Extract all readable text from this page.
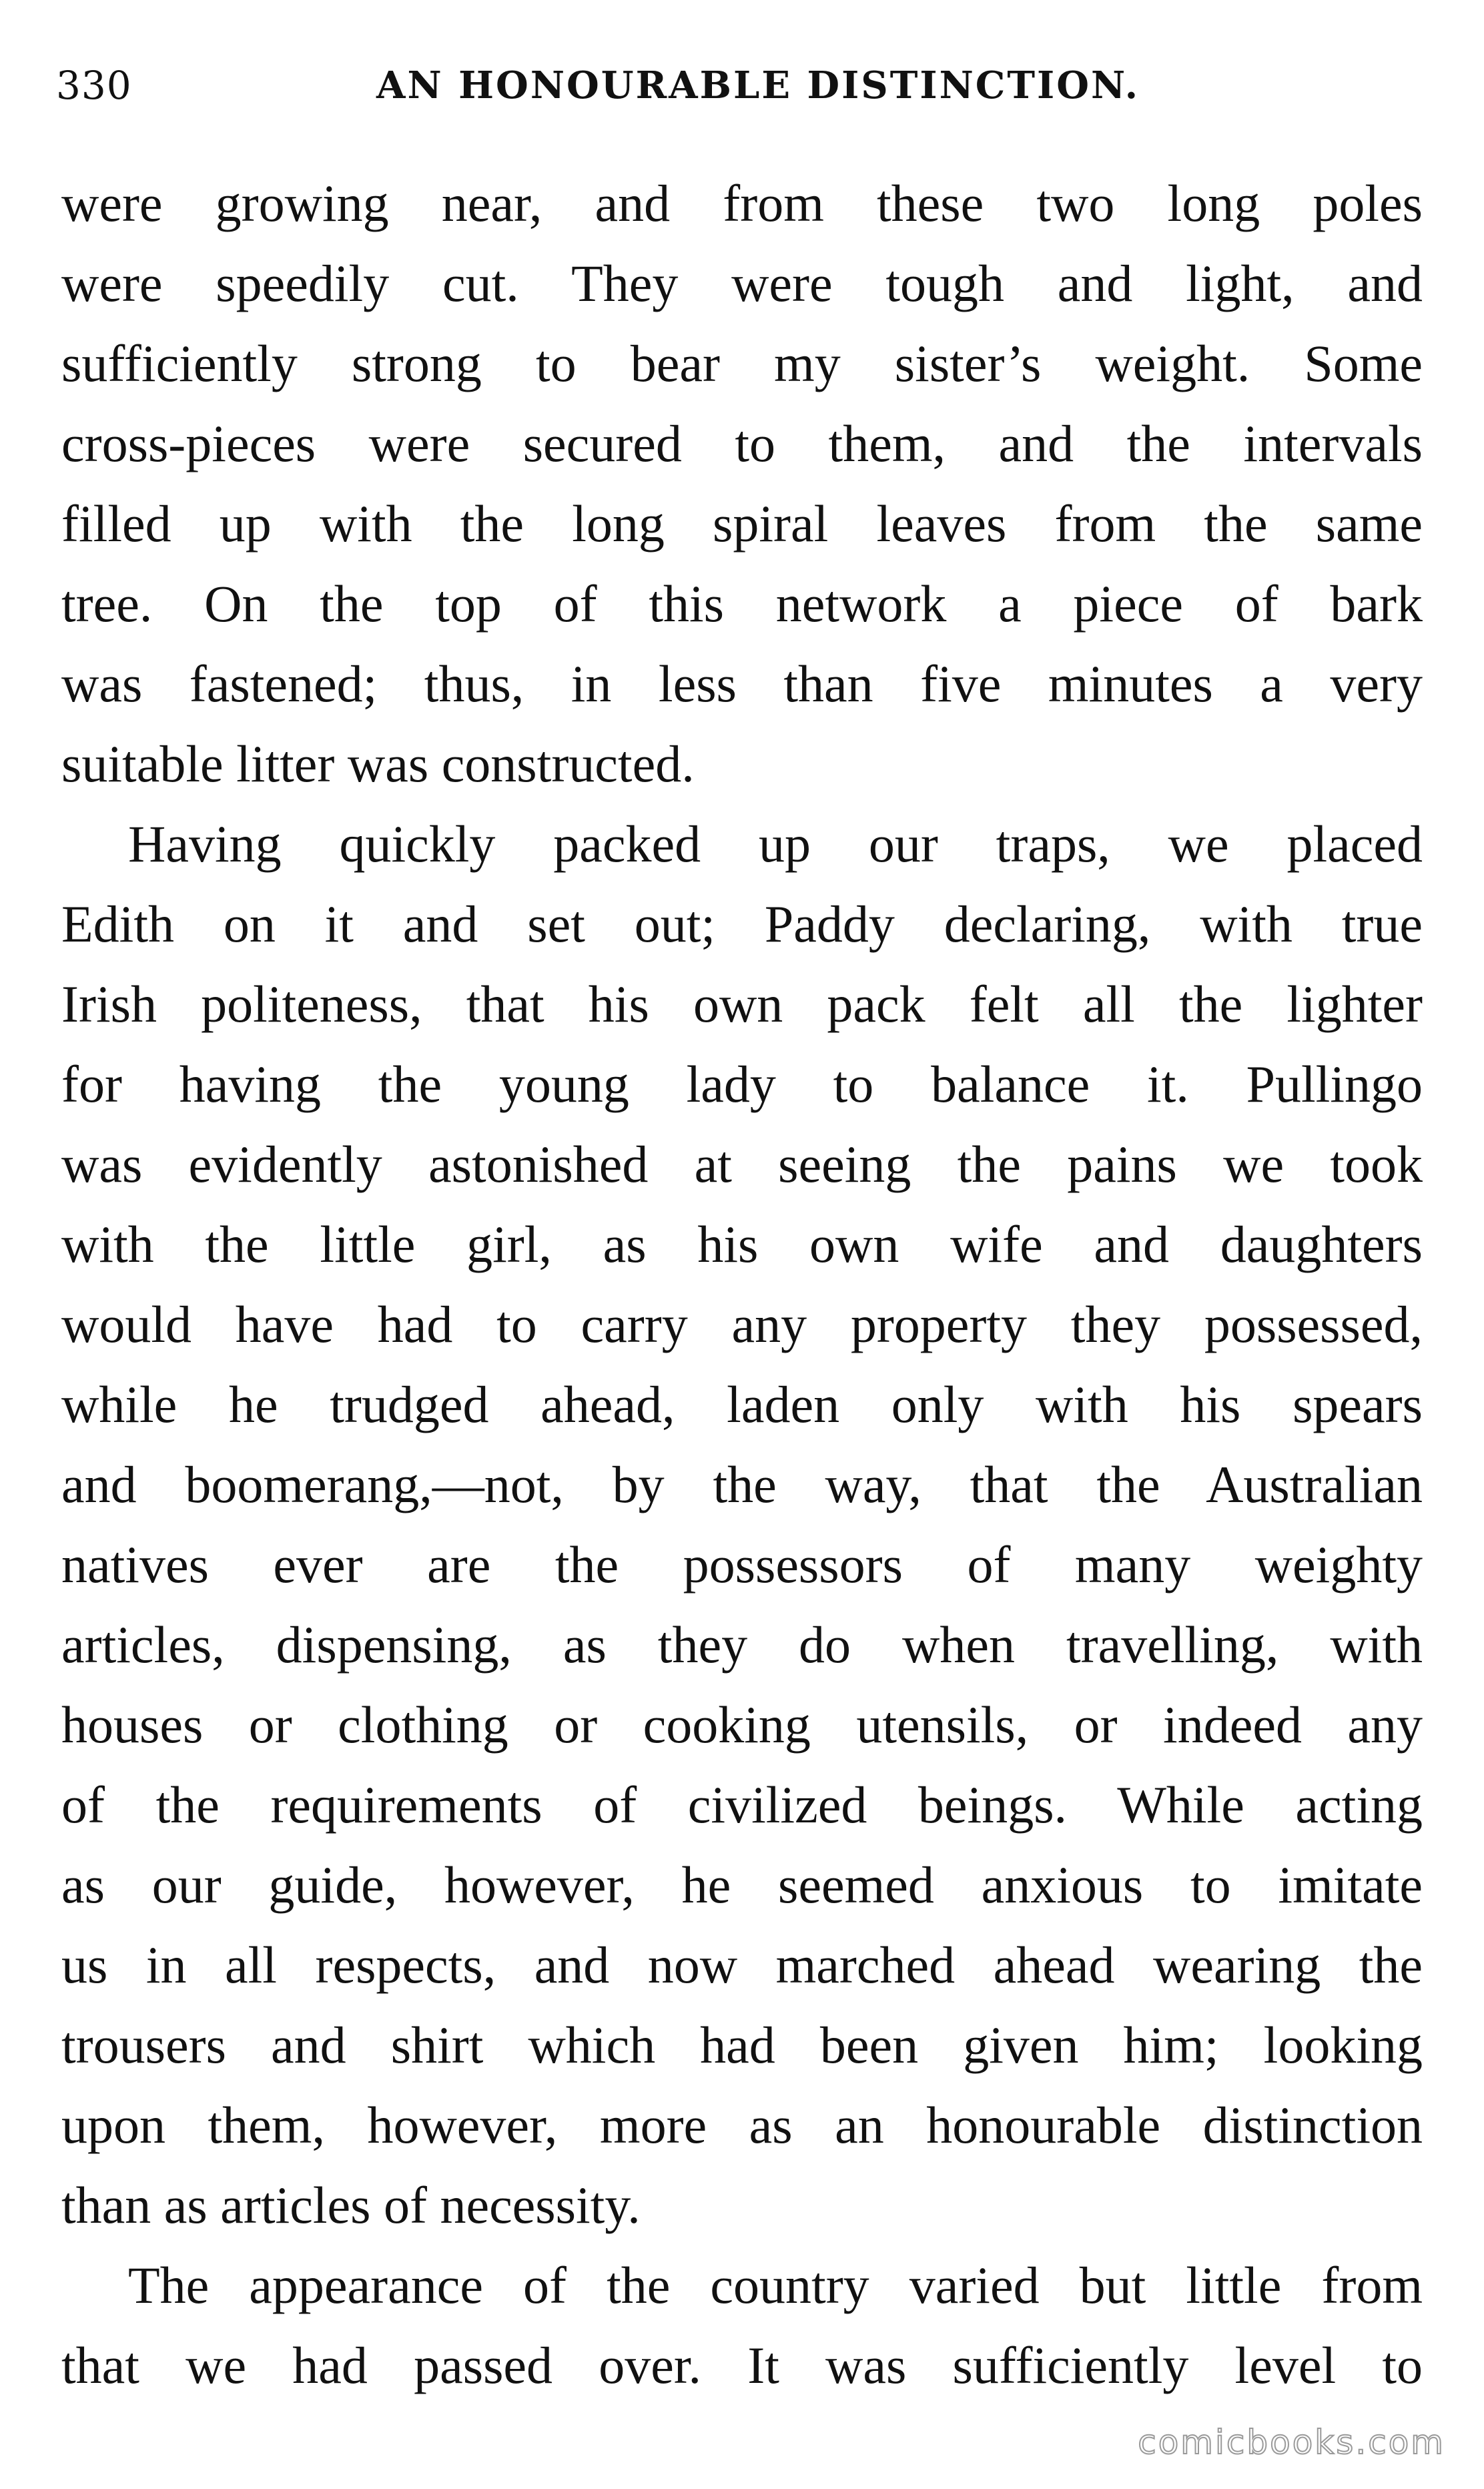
330	AN HONOURABLE DISTINCTION.
were growing near, and from these two long poles
were speedily cut. They were tough and light, and
sufficiently strong to bear my sister’s weight. Some
cross-pieces were secured to them, and the intervals
filled up with the long spiral leaves from the same
tree. On the top of this network a piece of bark
was fastened; thus, in less than five minutes a very
suitable litter was constructed.
Having quickly packed up our traps, we placed
Edith on it and set out; Paddy declaring, with true
Irish politeness, that his own pack felt all the lighter
for having the young lady to balance it. Pullingo
was evidently astonished at seeing the pains we took
with the little girl, as his own wife and daughters
would have had to carry any property they possessed,
while he trudged ahead, laden only with his spears
and boomerang,—not, by the way, that the Australian
natives ever are the possessors of many weighty
articles, dispensing, as they do when travelling, with
houses or clothing or cooking utensils, or indeed any
of the requirements of civilized beings. While acting
as our guide, however, he seemed anxious to imitate
us in all respects, and now marched ahead wearing the
trousers and shirt which had been given him; looking
upon them, however, more as an honourable distinction
than as articles of necessity.
The appearance of the country varied but little from
that we had passed over. It was sufficiently level to
comicbooks.com
